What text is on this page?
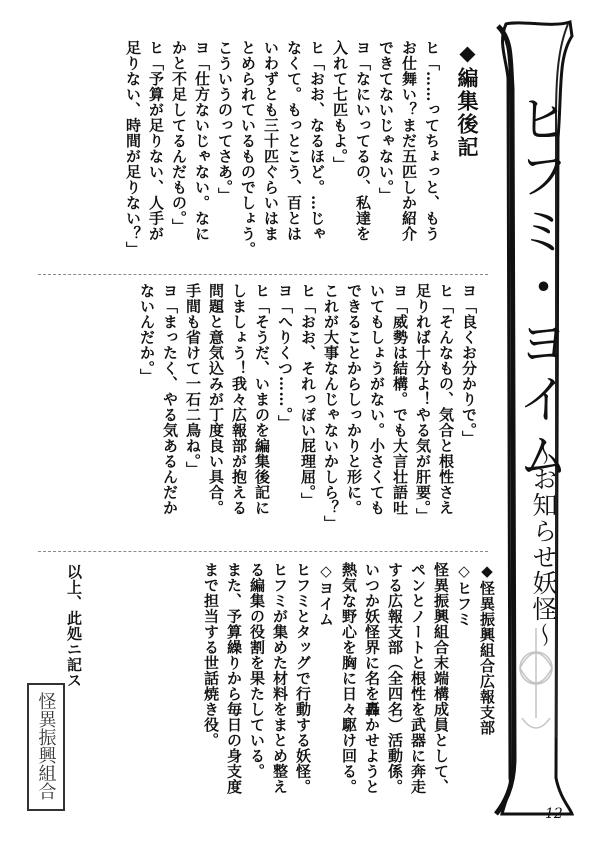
ヒフミ・ヨイム
〜お知らせ妖怪〜
◆編集後記
ヒ「……ってちょっと、もう
お仕舞い？まだ五匹しか紹介
できてないじゃない。」
ヨ「なにいってるの、私達を
入れて七匹もよ。」
ヒ「おお、なるほど。…じゃ
なくて。もっとこう、百とは
いわずとも三十匹ぐらいはま
とめられているものでしょう。
こういうのってさあ。」
ヨ「仕方ないじゃない。なに
かと不足してるんだもの。」
ヒ「予算が足りない、人手が
足りない、時間が足りない？」
ヨ「良くお分かりで。」
ヒ「そんなもの、気合と根性さえ
足りれば十分よ！やる気が肝要。」
ヨ「威勢は結構。でも大言壮語吐
いてもしょうがない。小さくても
できることからしっかりと形に。
これが大事なんじゃないかしら？」
ヒ「おお、それっぽい屁理屈。」
ヨ「へりくつ……。」
ヒ「そうだ、いまのを編集後記に
しましょう！我々広報部が抱える
問題と意気込みが丁度良い具合。
手間も省けて一石二鳥ね。」
ヨ「まったく、やる気あるんだか
ないんだか。」
◆怪異振興組合広報支部
◇ヒフミ
怪異振興組合末端構成員として、
ペンとノートと根性を武器に奔走
する広報支部（全四名）活動係。
いつか妖怪界に名を轟かせようと
熱気な野心を胸に日々駆け回る。
◇ヨイム
ヒフミとタッグで行動する妖怪。
ヒフミが集めた材料をまとめ整え
る編集の役割を果たしている。
また、予算繰りから毎日の身支度
まで担当する世話焼き役。
以上、此処ニ記ス
怪異振興組合
12
